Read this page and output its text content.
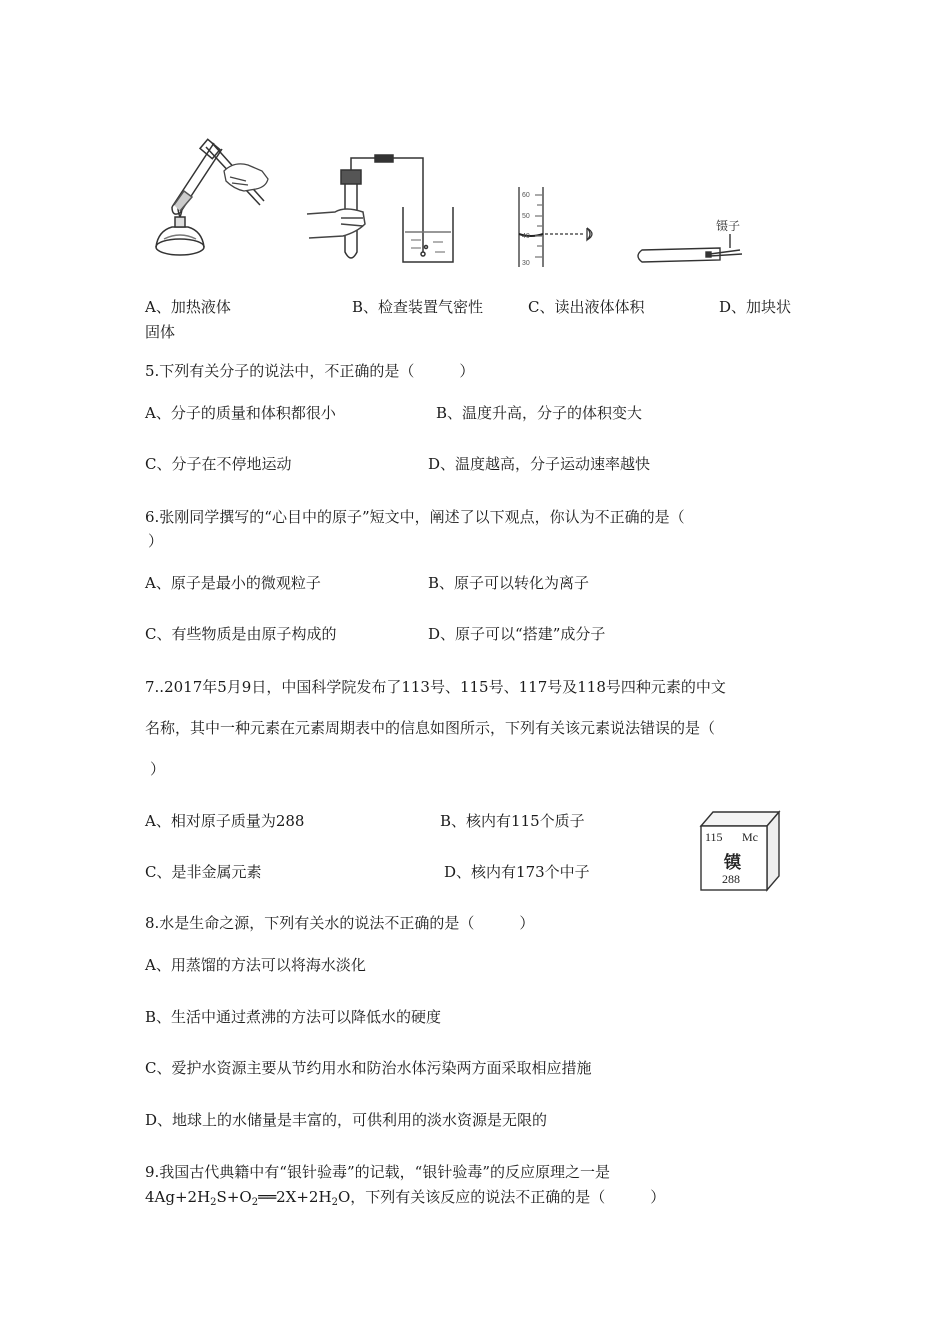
60
50
40
30
镊子
A、加热液体	B、检查装置气密性	C、读出液体体积	D、加块状
固体
5.下列有关分子的说法中，不正确的是（　　　）
A、分子的质量和体积都很小	B、温度升高，分子的体积变大
C、分子在不停地运动	D、温度越高，分子运动速率越快
6.张刚同学撰写的“心目中的原子”短文中，阐述了以下观点，你认为不正确的是（
）
A、原子是最小的微观粒子	B、原子可以转化为离子
C、有些物质是由原子构成的	D、原子可以“搭建”成分子
7..2017年5月9日，中国科学院发布了113号、115号、117号及118号四种元素的中文
名称，其中一种元素在元素周期表中的信息如图所示，下列有关该元素说法错误的是（
）
A、相对原子质量为288	B、核内有115个质子
C、是非金属元素	D、核内有173个中子
115 Mc
镆
288
8.水是生命之源，下列有关水的说法不正确的是（　　　）
A、用蒸馏的方法可以将海水淡化
B、生活中通过煮沸的方法可以降低水的硬度
C、爱护水资源主要从节约用水和防治水体污染两方面采取相应措施
D、地球上的水储量是丰富的，可供利用的淡水资源是无限的
9.我国古代典籍中有“银针验毒”的记载，“银针验毒”的反应原理之一是
$4Ag+2H_2S+O_2══2X+2H_2O$，下列有关该反应的说法不正确的是（　　　）
